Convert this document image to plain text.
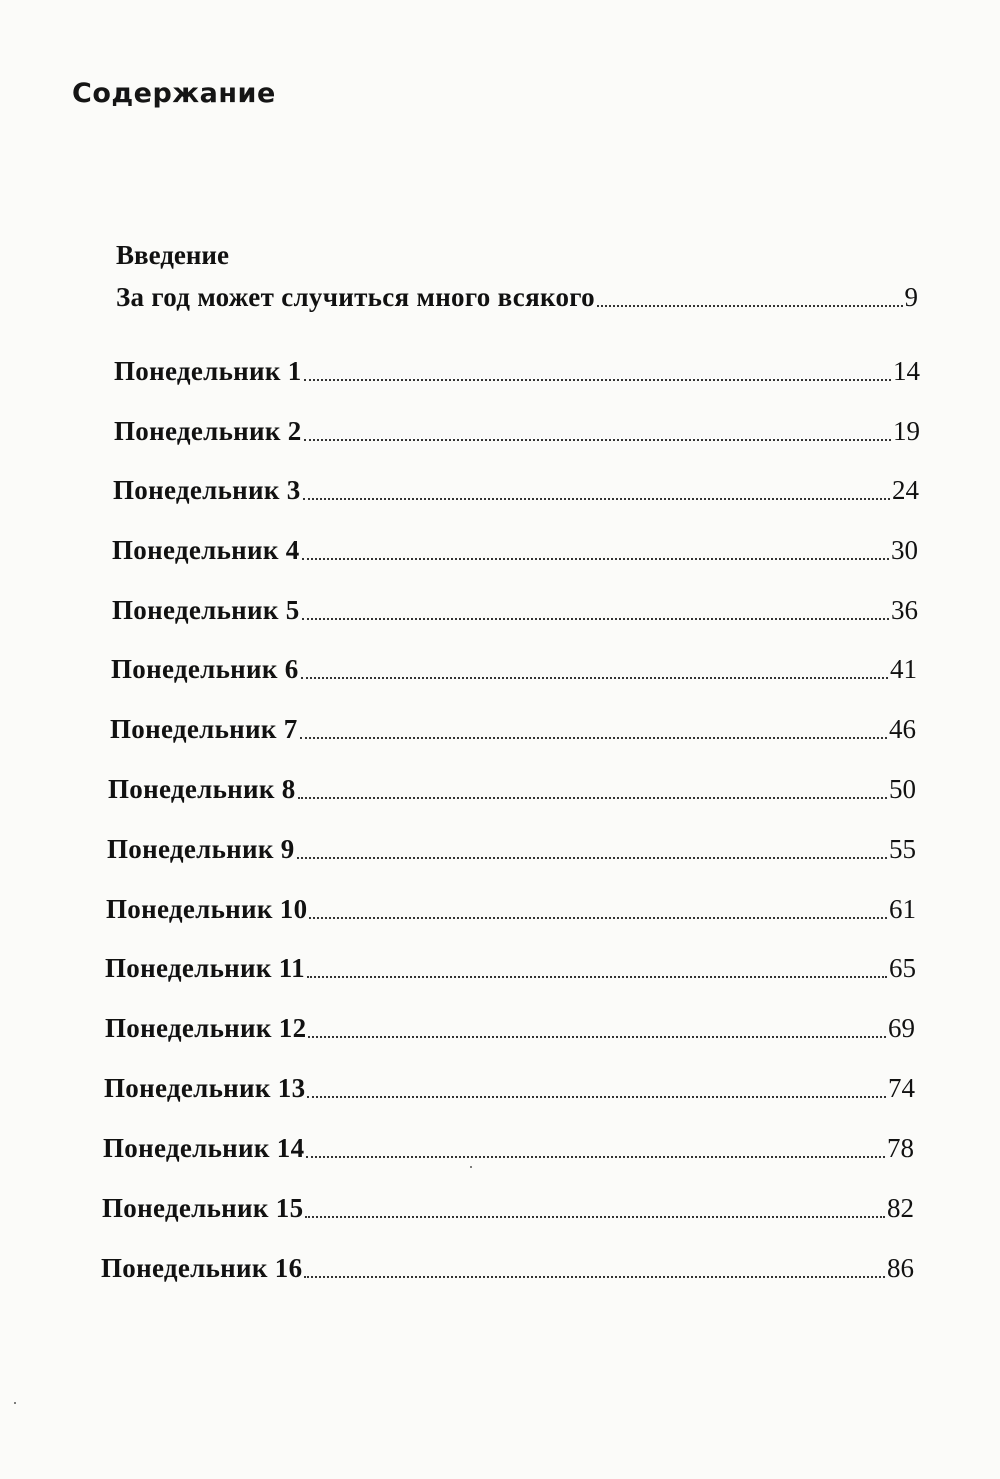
Содержание
Введение
За год может случиться много всякого	9
Понедельник 1	14
Понедельник 2	19
Понедельник 3	24
Понедельник 4	30
Понедельник 5	36
Понедельник 6	41
Понедельник 7	46
Понедельник 8	50
Понедельник 9	55
Понедельник 10	61
Понедельник 11	65
Понедельник 12	69
Понедельник 13	74
Понедельник 14	78
Понедельник 15	82
Понедельник 16	86
